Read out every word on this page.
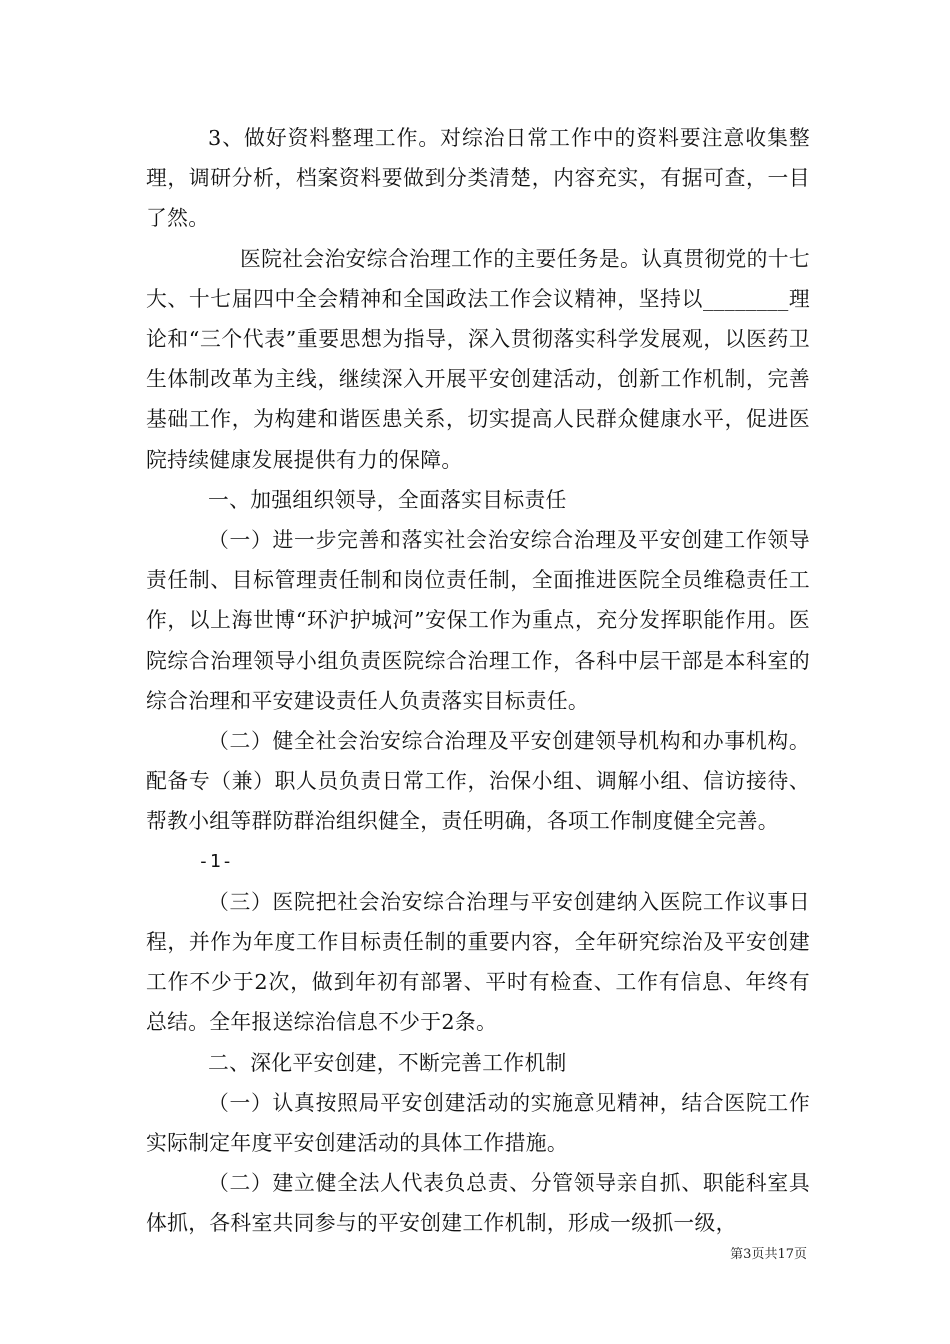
3、做好资料整理工作。对综治日常工作中的资料要注意收集整理，调研分析，档案资料要做到分类清楚，内容充实，有据可查，一目了然。

医院社会治安综合治理工作的主要任务是。认真贯彻党的十七大、十七届四中全会精神和全国政法工作会议精神，坚持以________理论和“三个代表”重要思想为指导，深入贯彻落实科学发展观，以医药卫生体制改革为主线，继续深入开展平安创建活动，创新工作机制，完善基础工作，为构建和谐医患关系，切实提高人民群众健康水平，促进医院持续健康发展提供有力的保障。

一、加强组织领导，全面落实目标责任

（一）进一步完善和落实社会治安综合治理及平安创建工作领导责任制、目标管理责任制和岗位责任制，全面推进医院全员维稳责任工作，以上海世博“环沪护城河”安保工作为重点，充分发挥职能作用。医院综合治理领导小组负责医院综合治理工作，各科中层干部是本科室的综合治理和平安建设责任人负责落实目标责任。

（二）健全社会治安综合治理及平安创建领导机构和办事机构。配备专（兼）职人员负责日常工作，治保小组、调解小组、信访接待、帮教小组等群防群治组织健全，责任明确，各项工作制度健全完善。

-1-

（三）医院把社会治安综合治理与平安创建纳入医院工作议事日程，并作为年度工作目标责任制的重要内容，全年研究综治及平安创建工作不少于2次，做到年初有部署、平时有检查、工作有信息、年终有总结。全年报送综治信息不少于2条。

二、深化平安创建，不断完善工作机制

（一）认真按照局平安创建活动的实施意见精神，结合医院工作实际制定年度平安创建活动的具体工作措施。

（二）建立健全法人代表负总责、分管领导亲自抓、职能科室具体抓，各科室共同参与的平安创建工作机制，形成一级抓一级，

第3页共17页
